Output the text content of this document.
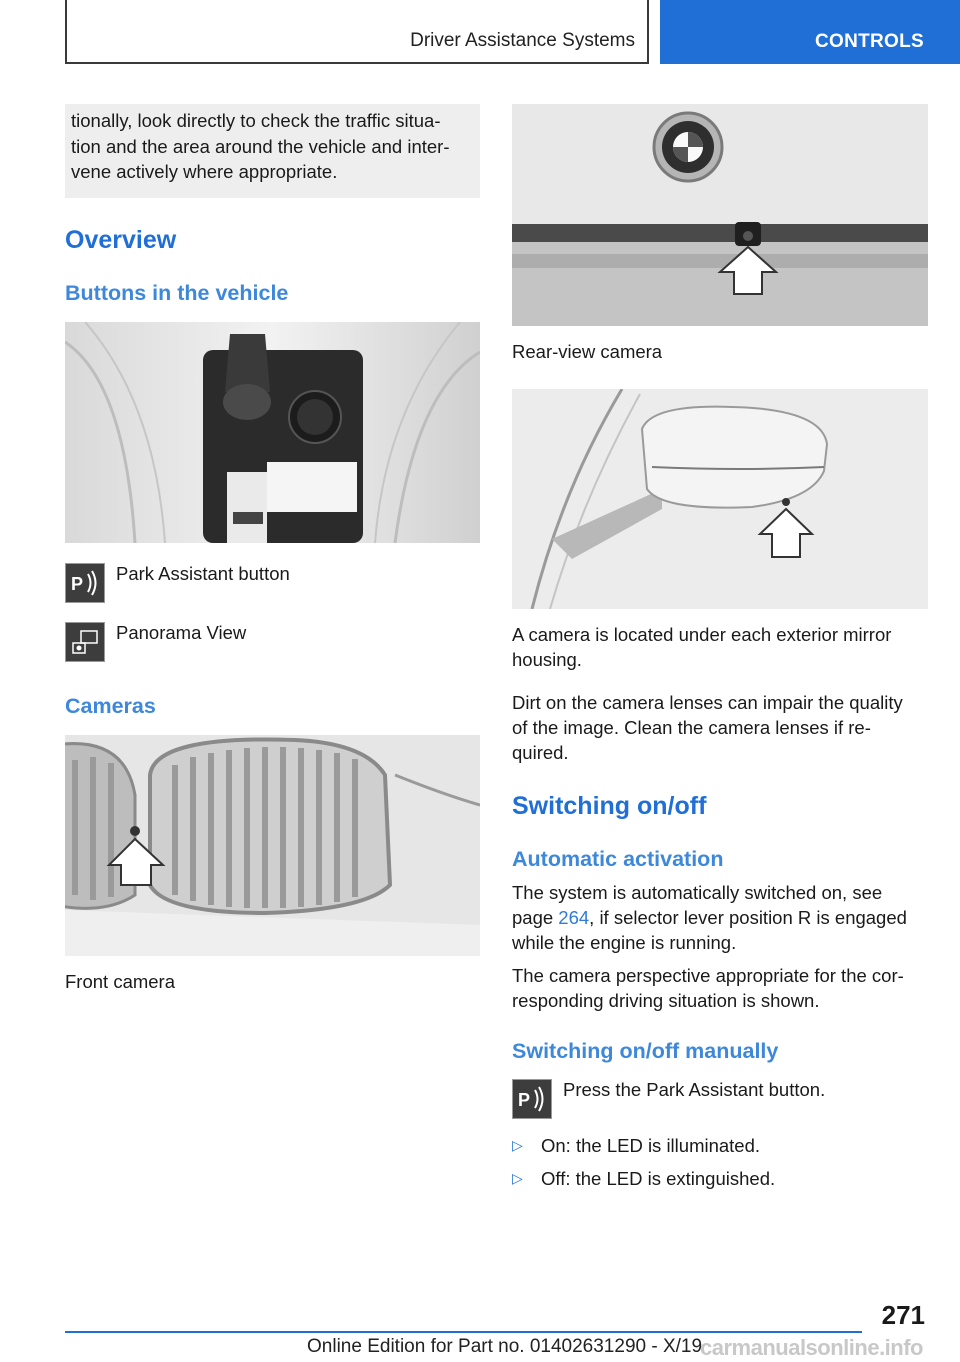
Driver Assistance Systems	CONTROLS

tionally, look directly to check the traffic situa-
tion and the area around the vehicle and inter-
vene actively where appropriate.

Overview
Buttons in the vehicle
P Park Assistant button
Panorama View
Cameras
Front camera
Rear-view camera
A camera is located under each exterior mirror
housing.
Dirt on the camera lenses can impair the quality
of the image. Clean the camera lenses if re-
quired.
Switching on/off
Automatic activation
The system is automatically switched on, see
page 264, if selector lever position R is engaged
while the engine is running.
The camera perspective appropriate for the cor-
responding driving situation is shown.
Switching on/off manually
P Press the Park Assistant button.
▷ On: the LED is illuminated.
▷ Off: the LED is extinguished.
271
Online Edition for Part no. 01402631290 - X/19
carmanualsonline.info
